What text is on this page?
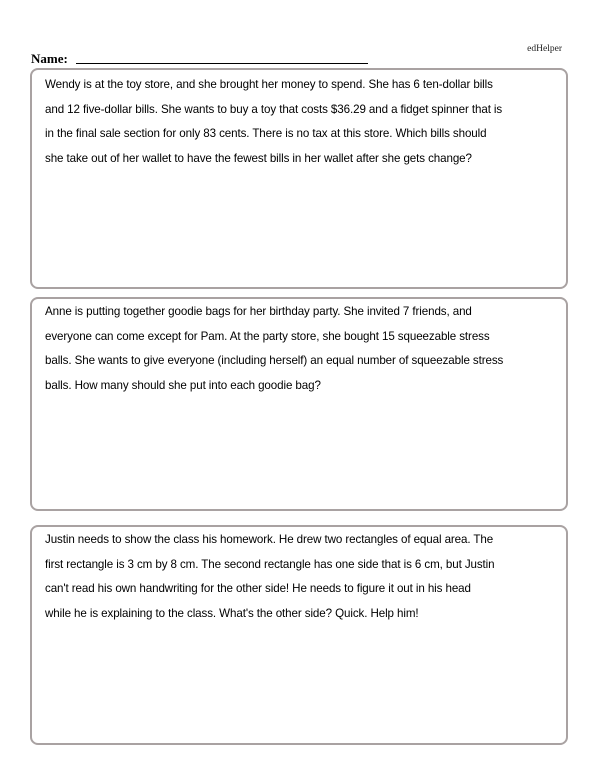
edHelper
Name:
Wendy is at the toy store, and she brought her money to spend. She has 6 ten-dollar bills
and 12 five-dollar bills. She wants to buy a toy that costs $36.29 and a fidget spinner that is
in the final sale section for only 83 cents. There is no tax at this store. Which bills should
she take out of her wallet to have the fewest bills in her wallet after she gets change?
Anne is putting together goodie bags for her birthday party. She invited 7 friends, and
everyone can come except for Pam. At the party store, she bought 15 squeezable stress
balls. She wants to give everyone (including herself) an equal number of squeezable stress
balls. How many should she put into each goodie bag?
Justin needs to show the class his homework. He drew two rectangles of equal area. The
first rectangle is 3 cm by 8 cm. The second rectangle has one side that is 6 cm, but Justin
can't read his own handwriting for the other side! He needs to figure it out in his head
while he is explaining to the class. What's the other side? Quick. Help him!
